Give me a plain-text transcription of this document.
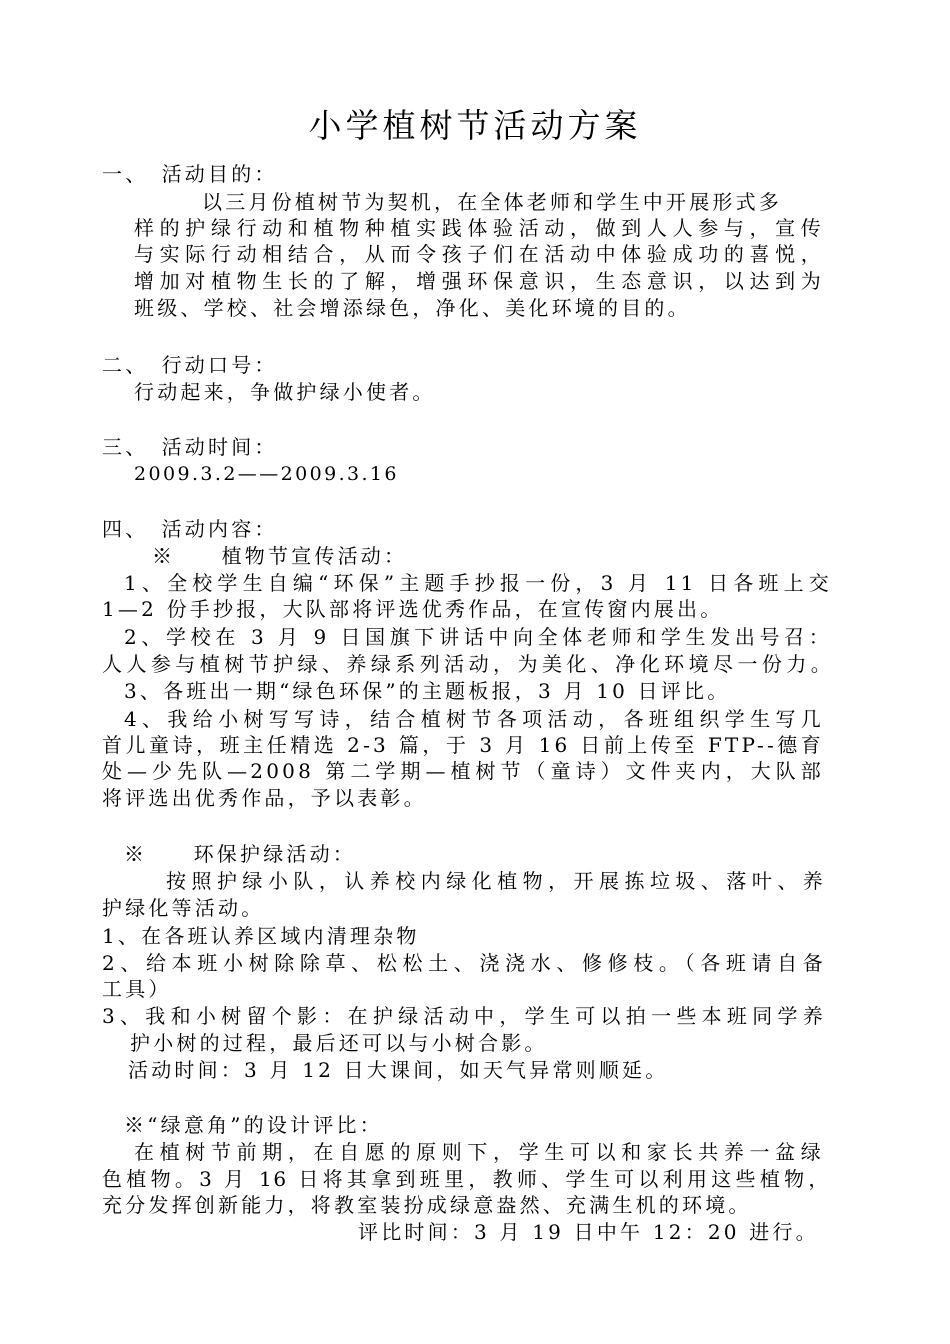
小学植树节活动方案
一、　活动目的：
以三月份植树节为契机，在全体老师和学生中开展形式多
样的护绿行动和植物种植实践体验活动，做到人人参与，宣传
与实际行动相结合，从而令孩子们在活动中体验成功的喜悦，
增加对植物生长的了解，增强环保意识，生态意识，以达到为
班级、学校、社会增添绿色，净化、美化环境的目的。
二、　行动口号：
行动起来，争做护绿小使者。
三、　活动时间：
2009.3.2——2009.3.16
四、　活动内容：
※　　植物节宣传活动：
1、全校学生自编“环保”主题手抄报一份，3 月 11 日各班上交
1—2 份手抄报，大队部将评选优秀作品，在宣传窗内展出。
2、学校在 3 月 9 日国旗下讲话中向全体老师和学生发出号召：
人人参与植树节护绿、养绿系列活动，为美化、净化环境尽一份力。
3、各班出一期“绿色环保”的主题板报，3 月 10 日评比。
4、我给小树写写诗，结合植树节各项活动，各班组织学生写几
首儿童诗，班主任精选 2-3 篇，于 3 月 16 日前上传至 FTP--德育
处—少先队—2008 第二学期—植树节（童诗）文件夹内，大队部
将评选出优秀作品，予以表彰。
※　　环保护绿活动：
按照护绿小队，认养校内绿化植物，开展拣垃圾、落叶、养
护绿化等活动。
1、在各班认养区域内清理杂物
2、给本班小树除除草、松松土、浇浇水、修修枝。（各班请自备
工具）
3、我和小树留个影：在护绿活动中，学生可以拍一些本班同学养
护小树的过程，最后还可以与小树合影。
活动时间：3 月 12 日大课间，如天气异常则顺延。
※“绿意角”的设计评比：
在植树节前期，在自愿的原则下，学生可以和家长共养一盆绿
色植物。3 月 16 日将其拿到班里，教师、学生可以利用这些植物，
充分发挥创新能力，将教室装扮成绿意盎然、充满生机的环境。
评比时间：3 月 19 日中午 12：20 进行。
